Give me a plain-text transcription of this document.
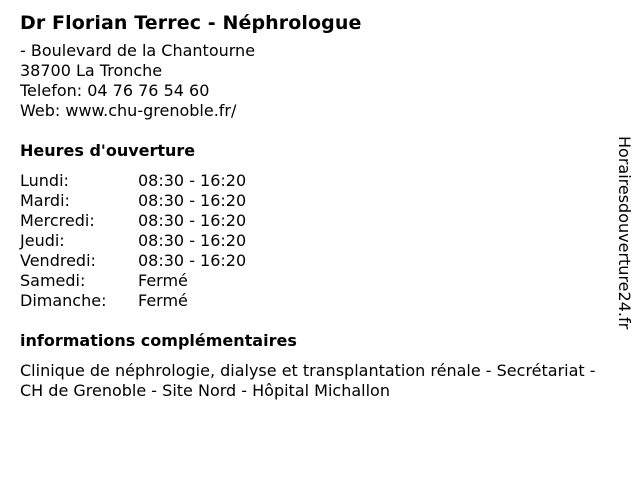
Dr Florian Terrec - Néphrologue
- Boulevard de la Chantourne
38700 La Tronche
Telefon: 04 76 76 54 60
Web: www.chu-grenoble.fr/
Heures d'ouverture
Lundi:	08:30 - 16:20
Mardi:	08:30 - 16:20
Mercredi:	08:30 - 16:20
Jeudi:	08:30 - 16:20
Vendredi:	08:30 - 16:20
Samedi:	Fermé
Dimanche:	Fermé
informations complémentaires
Clinique de néphrologie, dialyse et transplantation rénale - Secrétariat - CH de Grenoble - Site Nord - Hôpital Michallon
Horairesdouverture24.fr
